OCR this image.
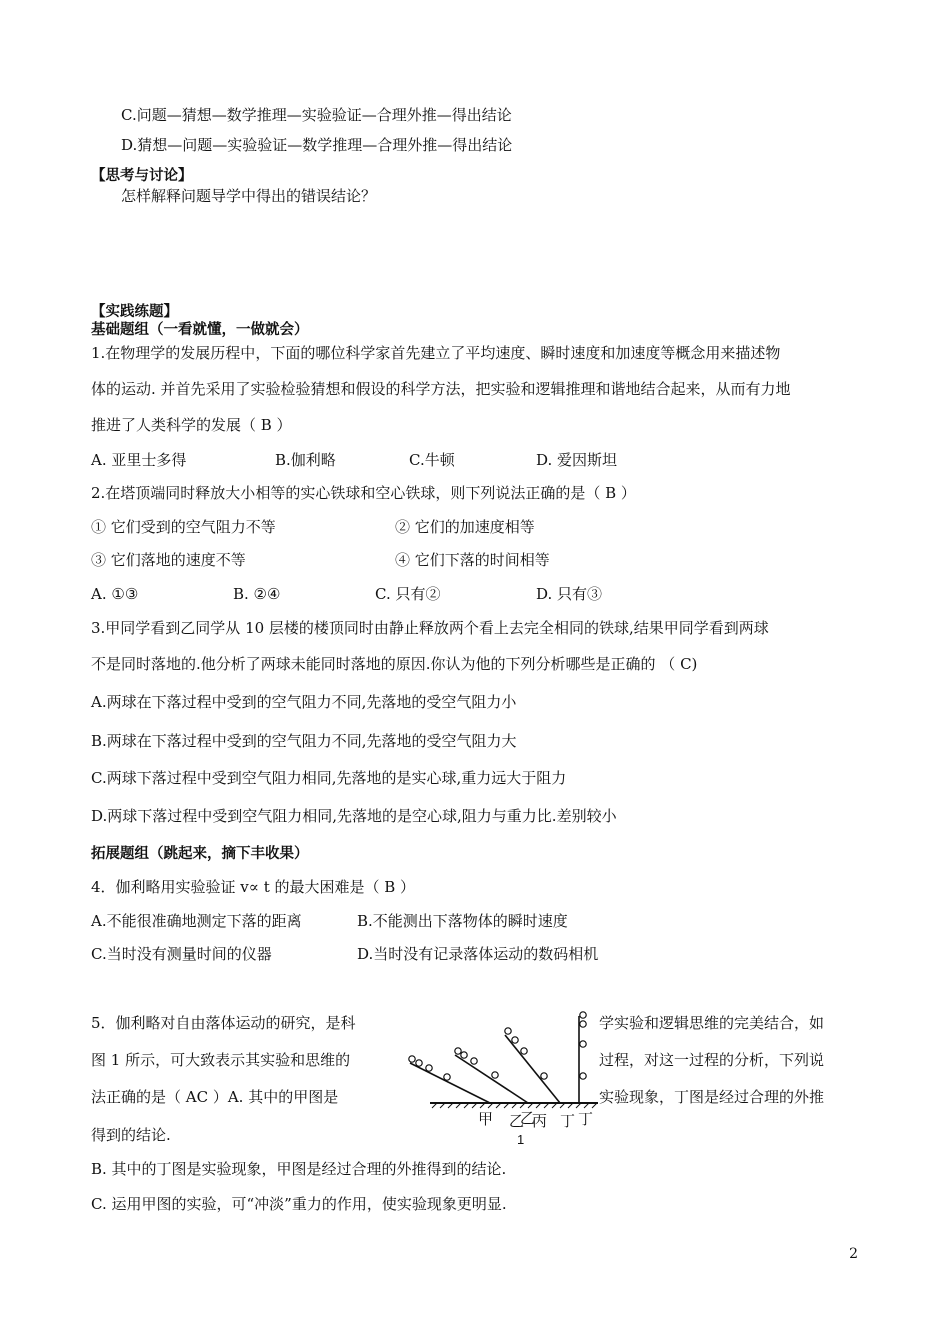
C.问题—猜想—数学推理—实验验证—合理外推—得出结论
D.猜想—问题—实验验证—数学推理—合理外推—得出结论
【思考与讨论】
怎样解释问题导学中得出的错误结论？
【实践练题】
基础题组（一看就懂，一做就会）
1.在物理学的发展历程中，下面的哪位科学家首先建立了平均速度、瞬时速度和加速度等概念用来描述物
体的运动. 并首先采用了实验检验猜想和假设的科学方法，把实验和逻辑推理和谐地结合起来，从而有力地
推进了人类科学的发展（ B ）
A. 亚里士多得	B.伽利略	C.牛顿	D. 爱因斯坦
2.在塔顶端同时释放大小相等的实心铁球和空心铁球，则下列说法正确的是（ B ）
① 它们受到的空气阻力不等	② 它们的加速度相等
③ 它们落地的速度不等	④ 它们下落的时间相等
A. ①③	B. ②④	C. 只有②	D. 只有③
3.甲同学看到乙同学从 10 层楼的楼顶同时由静止释放两个看上去完全相同的铁球,结果甲同学看到两球
不是同时落地的.他分析了两球未能同时落地的原因.你认为他的下列分析哪些是正确的 （ C)
A.两球在下落过程中受到的空气阻力不同,先落地的受空气阻力小
B.两球在下落过程中受到的空气阻力不同,先落地的受空气阻力大
C.两球下落过程中受到空气阻力相同,先落地的是实心球,重力远大于阻力
D.两球下落过程中受到空气阻力相同,先落地的是空心球,阻力与重力比.差别较小
拓展题组（跳起来，摘下丰收果）
4．伽利略用实验验证 v∝ t 的最大困难是（ B ）
A.不能很准确地测定下落的距离	B.不能测出下落物体的瞬时速度
C.当时没有测量时间的仪器	D.当时没有记录落体运动的数码相机
5．伽利略对自由落体运动的研究，是科	学实验和逻辑思维的完美结合，如
图 1 所示，可大致表示其实验和思维的	过程，对这一过程的分析，下列说
法正确的是（ AC ）A. 其中的甲图是	实验现象，丁图是经过合理的外推
得到的结论.
B. 其中的丁图是实验现象，甲图是经过合理的外推得到的结论.
C. 运用甲图的实验，可“冲淡”重力的作用，使实验现象更明显.
甲 乙
乙
丙 丁 丁
1
2
